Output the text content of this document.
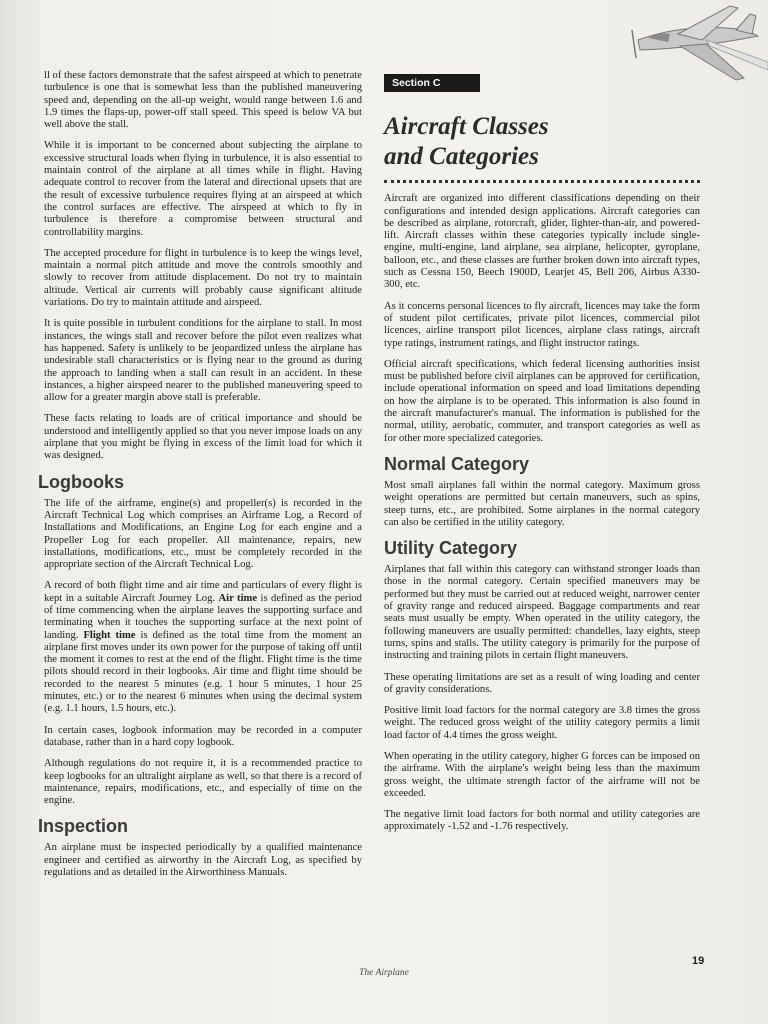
ll of these factors demonstrate that the safest airspeed at which to penetrate turbulence is one that is somewhat less than the published maneuvering speed and, depending on the all-up weight, would range between 1.6 and 1.9 times the flaps-up, power-off stall speed. This speed is below VA but well above the stall.

While it is important to be concerned about subjecting the airplane to excessive structural loads when flying in turbulence, it is also essential to maintain control of the airplane at all times while in flight. Having adequate control to recover from the lateral and directional upsets that are the result of excessive turbulence requires flying at an airspeed at which the control surfaces are effective. The airspeed at which to fly in turbulence is therefore a compromise between structural and controllability margins.

The accepted procedure for flight in turbulence is to keep the wings level, maintain a normal pitch attitude and move the controls smoothly and slowly to recover from attitude displacement. Do not try to maintain altitude. Vertical air currents will probably cause significant altitude variations. Do try to maintain attitude and airspeed.

It is quite possible in turbulent conditions for the airplane to stall. In most instances, the wings stall and recover before the pilot even realizes what has happened. Safety is unlikely to be jeopardized unless the airplane has undesirable stall characteristics or is flying near to the ground as during the approach to landing when a stall can result in an accident. In these instances, a higher airspeed nearer to the published maneuvering speed to allow for a greater margin above stall is preferable.

These facts relating to loads are of critical importance and should be understood and intelligently applied so that you never impose loads on any airplane that you might be flying in excess of the limit load for which it was designed.

Logbooks

The life of the airframe, engine(s) and propeller(s) is recorded in the Aircraft Technical Log which comprises an Airframe Log, a Record of Installations and Modifications, an Engine Log for each engine and a Propeller Log for each propeller. All maintenance, repairs, new installations, modifications, etc., must be completely recorded in the appropriate section of the Aircraft Technical Log.

A record of both flight time and air time and particulars of every flight is kept in a suitable Aircraft Journey Log. Air time is defined as the period of time commencing when the airplane leaves the supporting surface and terminating when it touches the supporting surface at the next point of landing. Flight time is defined as the total time from the moment an airplane first moves under its own power for the purpose of taking off until the moment it comes to rest at the end of the flight. Flight time is the time pilots should record in their logbooks. Air time and flight time should be recorded to the nearest 5 minutes (e.g. 1 hour 5 minutes, 1 hour 25 minutes, etc.) or to the nearest 6 minutes when using the decimal system (e.g. 1.1 hours, 1.5 hours, etc.).

In certain cases, logbook information may be recorded in a computer database, rather than in a hard copy logbook.

Although regulations do not require it, it is a recommended practice to keep logbooks for an ultralight airplane as well, so that there is a record of maintenance, repairs, modifications, etc., and especially of time on the engine.

Inspection

An airplane must be inspected periodically by a qualified maintenance engineer and certified as airworthy in the Aircraft Log, as specified by regulations and as detailed in the Airworthiness Manuals.

Section C
Aircraft Classes
and Categories

Aircraft are organized into different classifications depending on their configurations and intended design applications. Aircraft categories can be described as airplane, rotorcraft, glider, lighter-than-air, and powered-lift. Aircraft classes within these categories typically include single-engine, multi-engine, land airplane, sea airplane, helicopter, gyroplane, balloon, etc., and these classes are further broken down into aircraft types, such as Cessna 150, Beech 1900D, Learjet 45, Bell 206, Airbus A330-300, etc.

As it concerns personal licences to fly aircraft, licences may take the form of student pilot certificates, private pilot licences, commercial pilot licences, airline transport pilot licences, airplane class ratings, aircraft type ratings, instrument ratings, and flight instructor ratings.

Official aircraft specifications, which federal licensing authorities insist must be published before civil airplanes can be approved for certification, include operational information on speed and load limitations depending on how the airplane is to be operated. This information is also found in the aircraft manufacturer's manual. The information is published for the normal, utility, aerobatic, commuter, and transport categories as well as for other more specialized categories.

Normal Category

Most small airplanes fall within the normal category. Maximum gross weight operations are permitted but certain maneuvers, such as spins, steep turns, etc., are prohibited. Some airplanes in the normal category can also be certified in the utility category.

Utility Category

Airplanes that fall within this category can withstand stronger loads than those in the normal category. Certain specified maneuvers may be performed but they must be carried out at reduced weight, narrower center of gravity range and reduced airspeed. Baggage compartments and rear seats must usually be empty. When operated in the utility category, the following maneuvers are usually permitted: chandelles, lazy eights, steep turns, spins and stalls. The utility category is primarily for the purpose of instructing and training pilots in certain flight maneuvers.

These operating limitations are set as a result of wing loading and center of gravity considerations.

Positive limit load factors for the normal category are 3.8 times the gross weight. The reduced gross weight of the utility category permits a limit load factor of 4.4 times the gross weight.

When operating in the utility category, higher G forces can be imposed on the airframe. With the airplane's weight being less than the maximum gross weight, the ultimate strength factor of the airframe will not be exceeded.

The negative limit load factors for both normal and utility categories are approximately -1.52 and -1.76 respectively.

19
The Airplane
